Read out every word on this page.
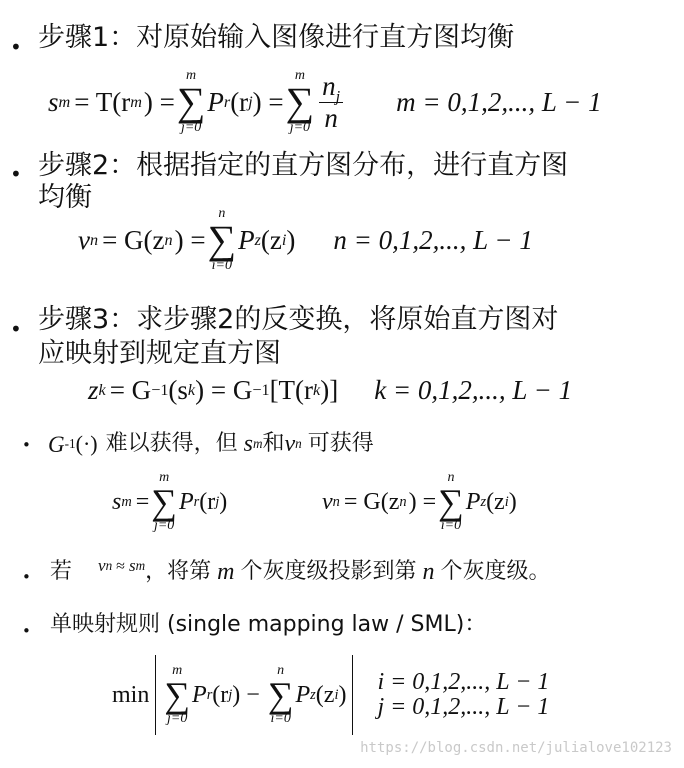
• 步骤1：对原始输入图像进行直方图均衡
s m = T(r m ) =
m
∑
j=0
P r (r j ) =
m
∑
$j=0 \frac{n_j}{n}$ m = 0,1,2,..., L − 1
• 步骤2：根据指定的直方图分布，进行直方图
均衡
v n = G(z n ) =
n
∑
i=0
P z (z i ) n = 0,1,2,..., L − 1
• 步骤3：求步骤2的反变换，将原始直方图对
应映射到规定直方图
z k = G −1 (s k ) = G −1 [T(r k )] k = 0,1,2,..., L − 1
• G -1 (·) 难以获得，但 s m 和 v n 可获得
s m =
m
∑
j=0
P r (r j )	v n = G(z n ) =
n
∑
i=0
P z (z i )
• 若 $v_n \approx s_m$ ，将第 m 个灰度级投影到第 n 个灰度级。
• 单映射规则 (single mapping law / SML)：
min
m
∑
j=0
P r (r j ) −
n
∑
i=0
P z (z i )
i = 0,1,2,..., L − 1
j = 0,1,2,..., L − 1
https://blog.csdn.net/julialove102123
